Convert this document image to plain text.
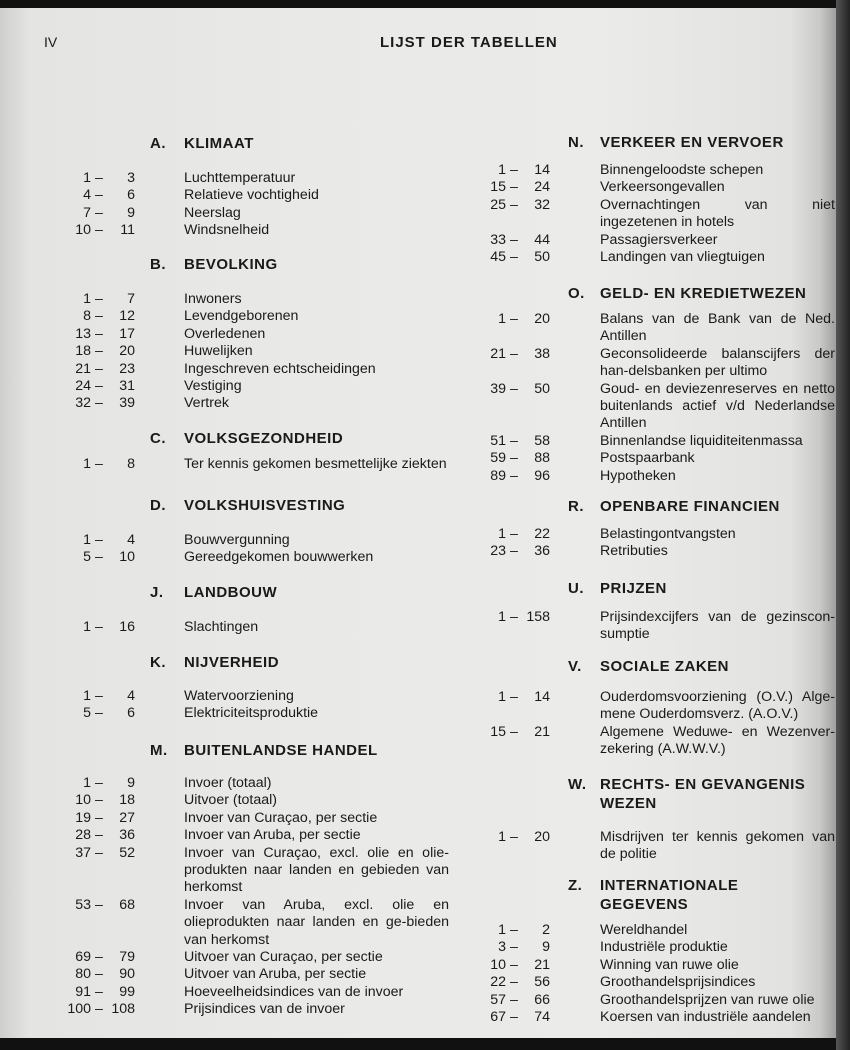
IV	LIJST DER TABELLEN
A. KLIMAAT
1 –	3	Luchttemperatuur
4 –	6	Relatieve vochtigheid
7 –	9	Neerslag
10 –	11	Windsnelheid
B. BEVOLKING
1 –	7	Inwoners
8 –	12	Levendgeborenen
13 –	17	Overledenen
18 –	20	Huwelijken
21 –	23	Ingeschreven echtscheidingen
24 –	31	Vestiging
32 –	39	Vertrek
C. VOLKSGEZONDHEID
1 –	8	Ter kennis gekomen besmettelijke ziekten
D. VOLKSHUISVESTING
1 –	4	Bouwvergunning
5 –	10	Gereedgekomen bouwwerken
J. LANDBOUW
1 –	16	Slachtingen
K. NIJVERHEID
1 –	4	Watervoorziening
5 –	6	Elektriciteitsproduktie
M. BUITENLANDSE HANDEL
1 –	9	Invoer (totaal)
10 –	18	Uitvoer (totaal)
19 –	27	Invoer van Curaçao, per sectie
28 –	36	Invoer van Aruba, per sectie
37 –	52	Invoer van Curaçao, excl. olie en olie-produkten naar landen en gebieden van herkomst
53 –	68	Invoer van Aruba, excl. olie en olieprodukten naar landen en ge-bieden van herkomst
69 –	79	Uitvoer van Curaçao, per sectie
80 –	90	Uitvoer van Aruba, per sectie
91 –	99	Hoeveelheidsindices van de invoer
100 – 108	Prijsindices van de invoer
N. VERKEER EN VERVOER
1 –	14	Binnengeloodste schepen
15 –	24	Verkeersongevallen
25 –	32	Overnachtingen van niet ingezetenen in hotels
33 –	44	Passagiersverkeer
45 –	50	Landingen van vliegtuigen
O. GELD- EN KREDIETWEZEN
1 –	20	Balans van de Bank van de Ned. Antillen
21 –	38	Geconsolideerde balanscijfers der han-delsbanken per ultimo
39 –	50	Goud- en deviezenreserves en netto buitenlands actief v/d Nederlandse Antillen
51 –	58	Binnenlandse liquiditeitenmassa
59 –	88	Postspaarbank
89 –	96	Hypotheken
R. OPENBARE FINANCIEN
1 –	22	Belastingontvangsten
23 –	36	Retributies
U. PRIJZEN
1 – 158	Prijsindexcijfers van de gezinscon-sumptie
V. SOCIALE ZAKEN
1 –	14	Ouderdomsvoorziening (O.V.) Alge-mene Ouderdomsverz. (A.O.V.)
15 –	21	Algemene Weduwe- en Wezenver-zekering (A.W.W.V.)
W. RECHTS- EN GEVANGENIS WEZEN
1 –	20	Misdrijven ter kennis gekomen van de politie
Z. INTERNATIONALE GEGEVENS
1 –	2	Wereldhandel
3 –	9	Industriële produktie
10 –	21	Winning van ruwe olie
22 –	56	Groothandelsprijsindices
57 –	66	Groothandelsprijzen van ruwe olie
67 –	74	Koersen van industriële aandelen
